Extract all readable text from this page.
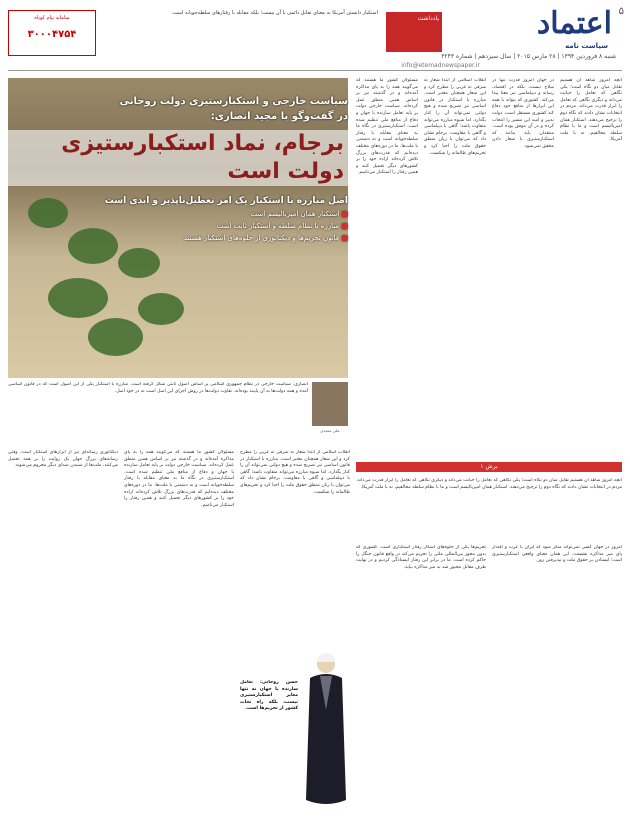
۵
اعتماد
سیاست نامه
شنبه ۸ فروردین ۱۳۹۴ | ۲۸ مارس ۲۰۱۵ | سال سیزدهم | شماره ۳۲۴۳
info@etemadnewspaper.ir
سامانه پیام کوتاه
۳۰۰۰۴۷۵۴
استکبار دانستن آمریکا به معنای تقابل دائمی با آن نیست؛ بلکه مقابله با رفتارهای سلطه‌جویانه است.
یادداشت
سیاست خارجی و استکبارستیزی دولت روحانی
در گفت‌وگو با مجید انصاری:
برجام، نماد استکبارستیزی دولت است
اصل مبارزه با استکبار یک امر تعطیل‌ناپذیر و ابدی است
■ استکبار همان امپریالیسم است
■ مبارزه با نظام سلطه و استکبار ثابت است
■ قانون تحریم‌ها و دیکتاتوری از جلوه‌های استکبار هستند
مسئولان کشور ما هستند که می‌گویند همه را به پای مذاکره آمده‌اند و در گذشته نیز بر اساس همین منطق عمل کرده‌اند. سیاست خارجی دولت بر پایه تعامل سازنده با جهان و دفاع از منافع ملی تنظیم شده است. استکبارستیزی در نگاه ما به معنای مقابله با رفتار سلطه‌جویانه است و نه دشمنی با ملت‌ها. ما در دوره‌های مختلف دیده‌ایم که قدرت‌های بزرگ تلاش کرده‌اند اراده خود را بر کشورهای دیگر تحمیل کنند و همین رفتار را استکبار می‌نامیم.
انقلاب اسلامی از ابتدا شعار نه شرقی نه غربی را مطرح کرد و این شعار همچنان معتبر است. مبارزه با استکبار در قانون اساسی نیز تصریح شده و هیچ دولتی نمی‌تواند آن را کنار بگذارد. اما شیوه مبارزه می‌تواند متفاوت باشد؛ گاهی با دیپلماسی و گاهی با مقاومت. برجام نشان داد که می‌توان با زبان منطق حقوق ملت را احیا کرد و تحریم‌های ظالمانه را شکست.
در جهان امروز قدرت تنها در سلاح نیست، بلکه در اقتصاد، رسانه و دیپلماسی نیز معنا پیدا می‌کند. کشوری که بتواند با همه این ابزارها از منافع خود دفاع کند کشوری مستقل است. دولت تدبیر و امید این مسیر را انتخاب کرده و در آن موفق بوده است. منتقدان باید بدانند که استکبارستیزی با شعار دادن محقق نمی‌شود.
آنچه امروز شاهد آن هستیم تقابل میان دو نگاه است؛ یکی نگاهی که تعامل را خیانت می‌داند و دیگری نگاهی که تعامل را ابزار قدرت می‌داند. مردم در انتخابات نشان دادند که نگاه دوم را ترجیح می‌دهند. استکبار همان امپریالیسم است و ما با نظام سلطه مخالفیم، نه با ملت آمریکا.
انصاری: سیاست خارجی در نظام جمهوری اسلامی بر اساس اصول ثابتی شکل گرفته است. مبارزه با استکبار یکی از این اصول است که در قانون اساسی آمده و همه دولت‌ها به آن پایبند بوده‌اند. تفاوت دولت‌ها در روش اجرای این اصل است نه در خود اصل.
علی مجیدی
برش ۱
آنچه امروز شاهد آن هستیم تقابل میان دو نگاه است؛ یکی نگاهی که تعامل را خیانت می‌داند و دیگری نگاهی که تعامل را ابزار قدرت می‌داند. مردم در انتخابات نشان دادند که نگاه دوم را ترجیح می‌دهند. استکبار همان امپریالیسم است و ما با نظام سلطه مخالفیم، نه با ملت آمریکا.
تحریم‌ها یکی از جلوه‌های آشکار رفتار استکباری است. کشوری که بدون مجوز بین‌المللی ملتی را تحریم می‌کند در واقع قانون جنگل را حاکم کرده است. ما در برابر این رفتار ایستادگی کردیم و در نهایت طرف مقابل مجبور شد به میز مذاکره بیاید.
امروز در جهان کسی نمی‌تواند منکر شود که ایران با عزت و اقتدار پای میز مذاکره نشست. این همان معنای واقعی استکبارستیزی است؛ ایستادن بر حقوق ملت و نپذیرفتن زور.
دیکتاتوری رسانه‌ای نیز از ابزارهای استکبار است. وقتی رسانه‌های بزرگ جهان یک روایت را بر همه تحمیل می‌کنند، ملت‌ها از شنیدن صدای دیگر محروم می‌شوند.
مسئولان کشور ما هستند که می‌گویند همه را به پای مذاکره آمده‌اند و در گذشته نیز بر اساس همین منطق عمل کرده‌اند. سیاست خارجی دولت بر پایه تعامل سازنده با جهان و دفاع از منافع ملی تنظیم شده است. استکبارستیزی در نگاه ما به معنای مقابله با رفتار سلطه‌جویانه است و نه دشمنی با ملت‌ها. ما در دوره‌های مختلف دیده‌ایم که قدرت‌های بزرگ تلاش کرده‌اند اراده خود را بر کشورهای دیگر تحمیل کنند و همین رفتار را استکبار می‌نامیم.
انقلاب اسلامی از ابتدا شعار نه شرقی نه غربی را مطرح کرد و این شعار همچنان معتبر است. مبارزه با استکبار در قانون اساسی نیز تصریح شده و هیچ دولتی نمی‌تواند آن را کنار بگذارد. اما شیوه مبارزه می‌تواند متفاوت باشد؛ گاهی با دیپلماسی و گاهی با مقاومت. برجام نشان داد که می‌توان با زبان منطق حقوق ملت را احیا کرد و تحریم‌های ظالمانه را شکست.
حسن روحانی: تعامل سازنده با جهان نه تنها مغایر استکبارستیزی نیست، بلکه راه نجات کشور از تحریم‌ها است.
